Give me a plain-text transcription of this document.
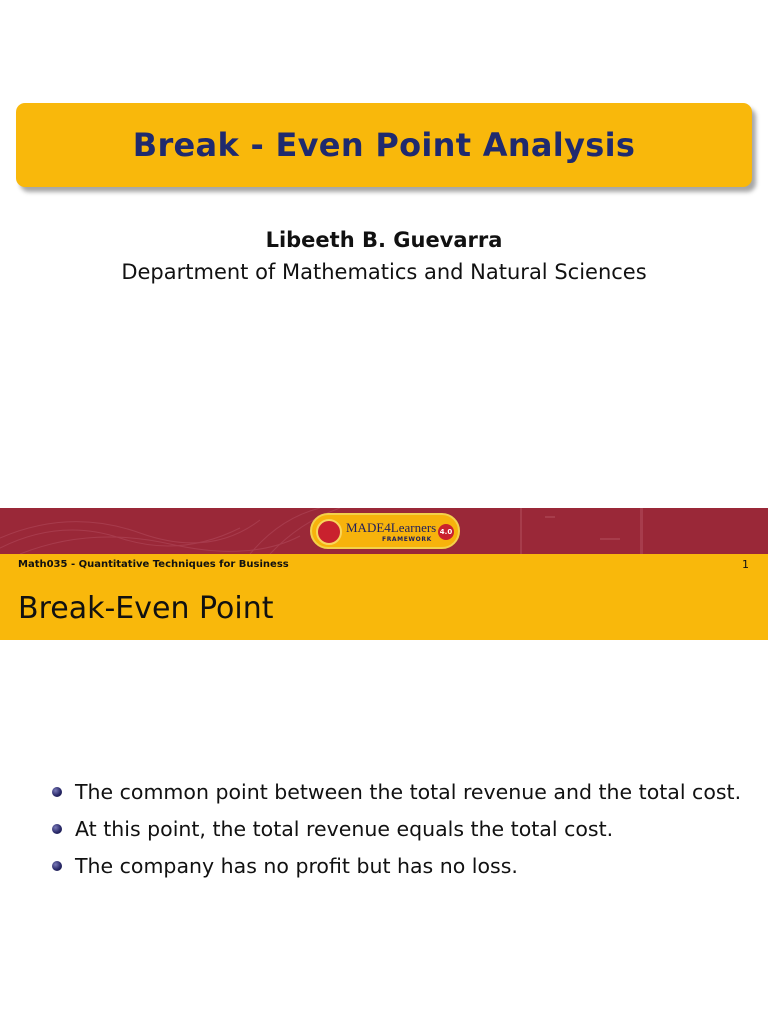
Break - Even Point Analysis
Libeeth B. Guevarra
Department of Mathematics and Natural Sciences
MADE4Learners
FRAMEWORK
4.0
Math035 - Quantitative Techniques for Business	1
Break-Even Point
The common point between the total revenue and the total cost.
At this point, the total revenue equals the total cost.
The company has no profit but has no loss.
